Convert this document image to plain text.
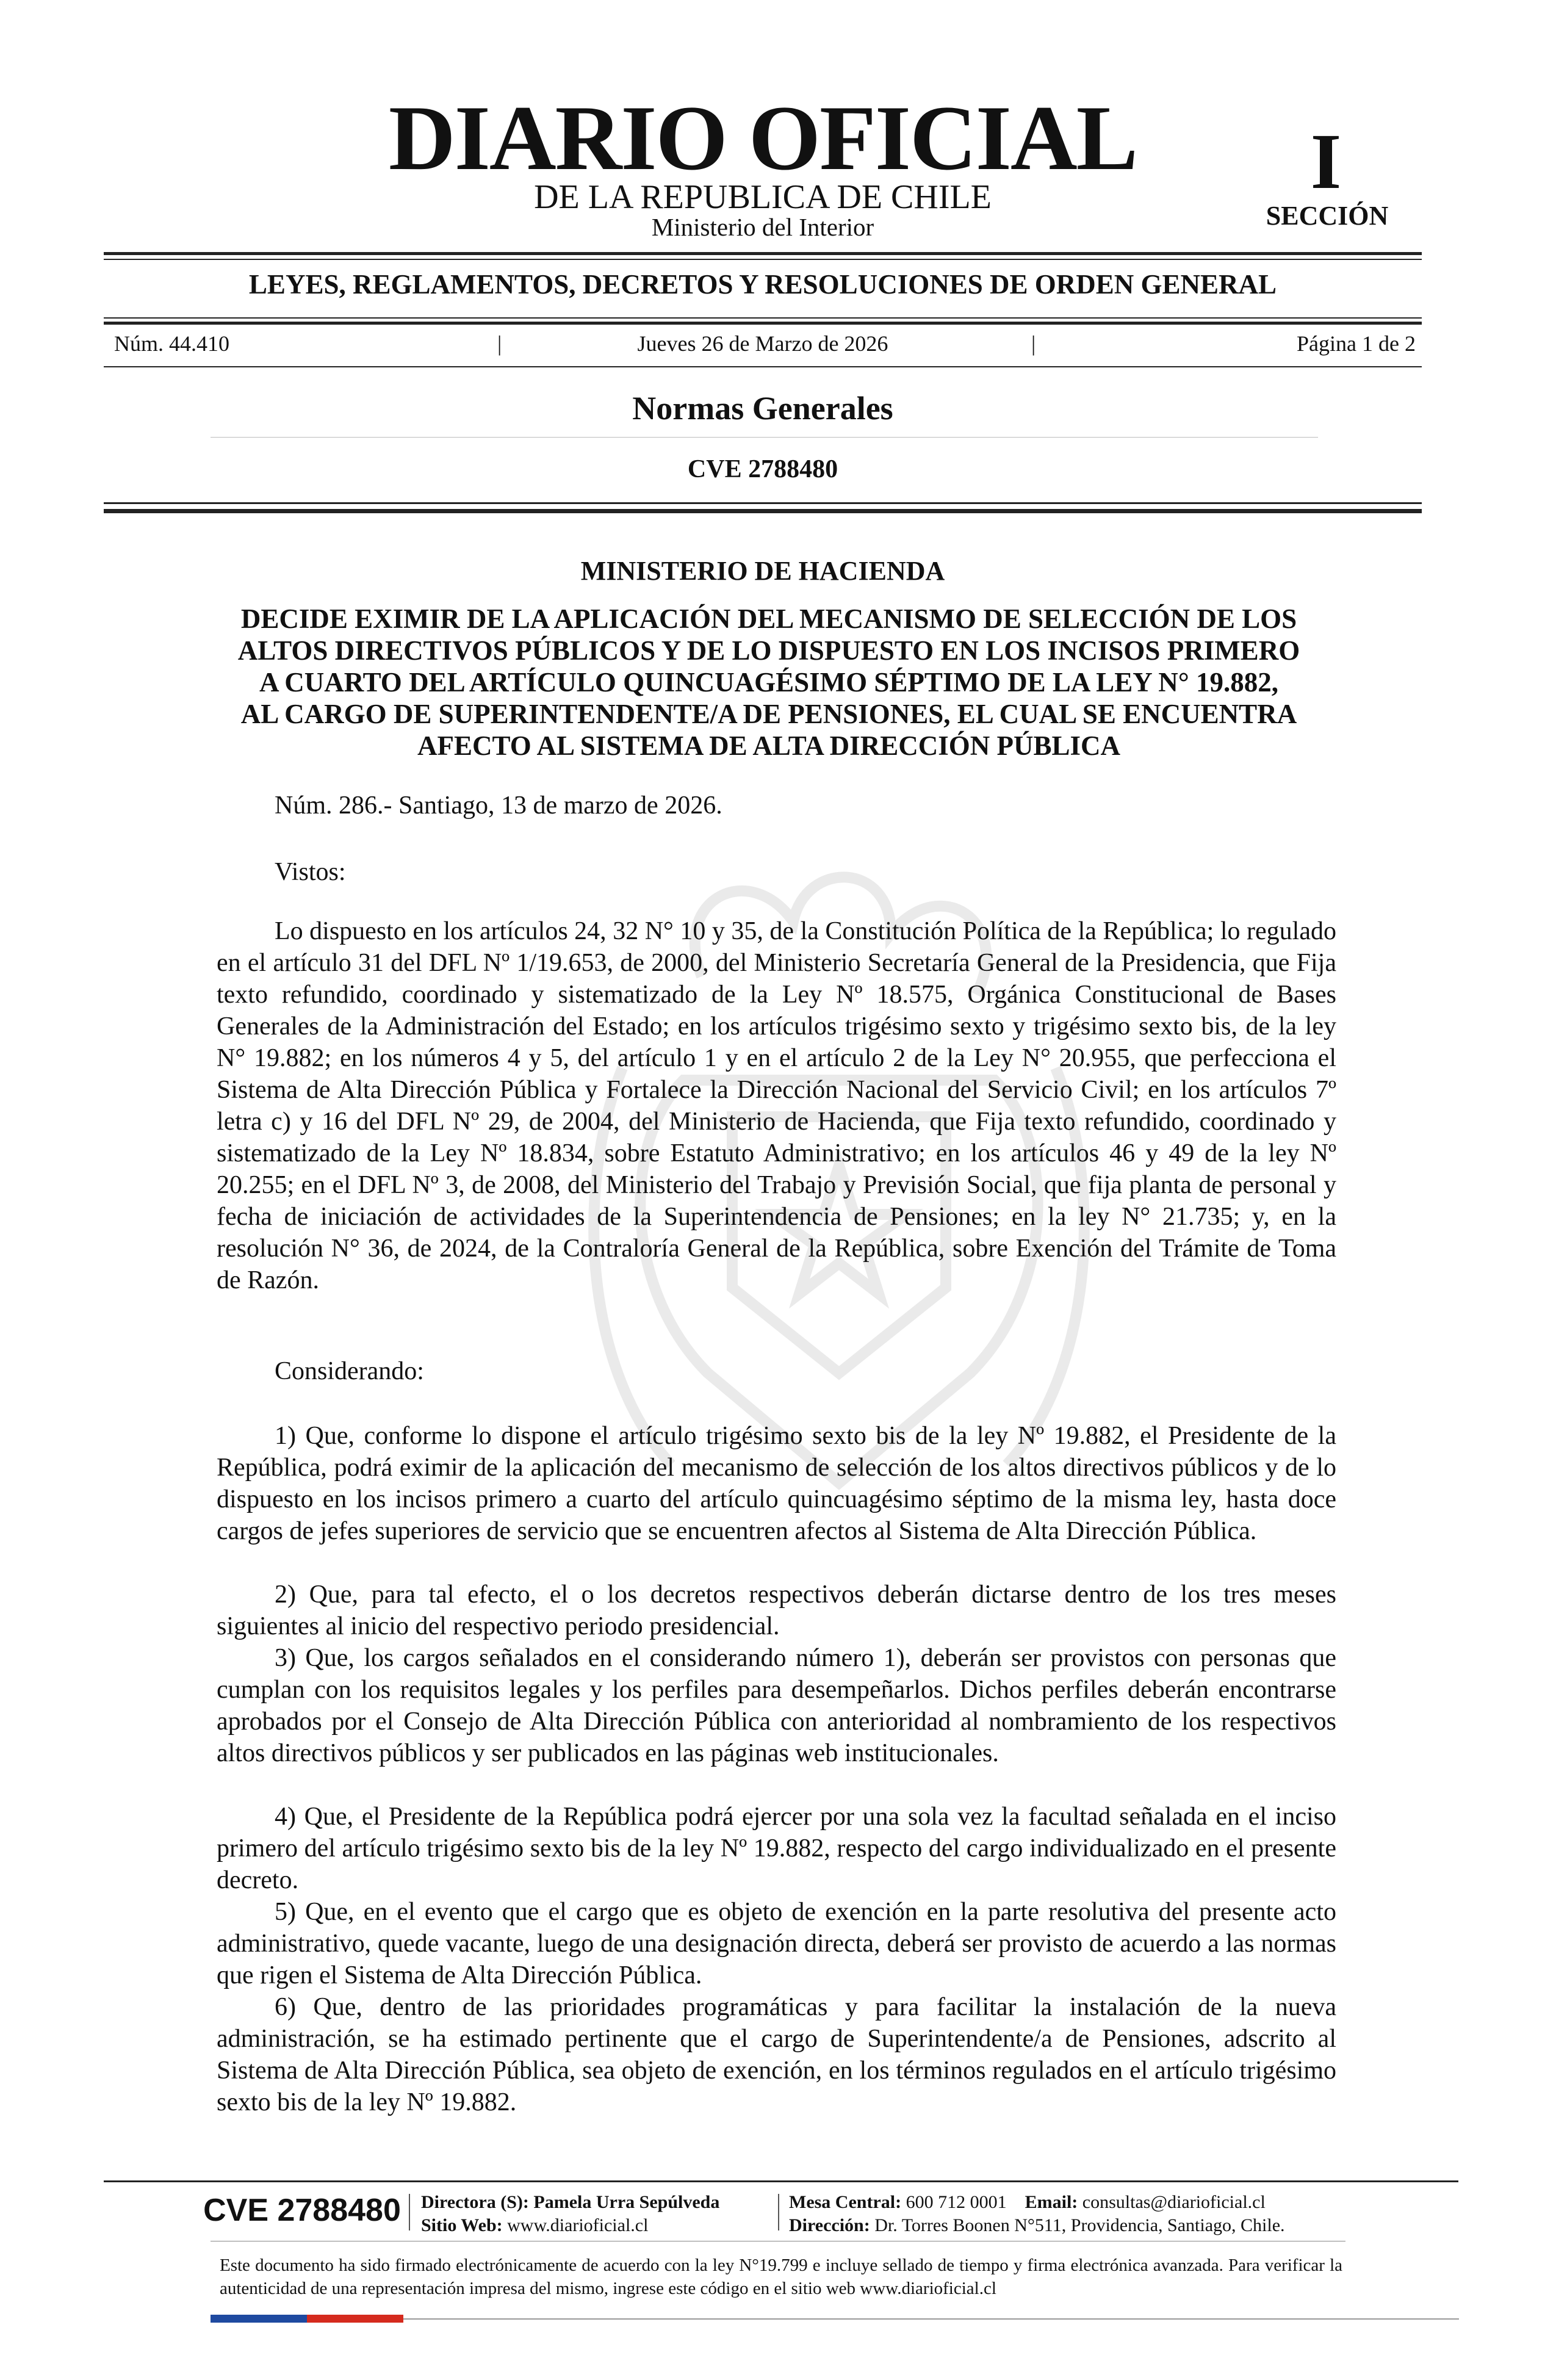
DIARIO OFICIAL
DE LA REPUBLICA DE CHILE
Ministerio del Interior
I
SECCIÓN
LEYES, REGLAMENTOS, DECRETOS Y RESOLUCIONES DE ORDEN GENERAL
Núm. 44.410	|	Jueves 26 de Marzo de 2026	|	Página 1 de 2
Normas Generales
CVE 2788480
MINISTERIO DE HACIENDA
DECIDE EXIMIR DE LA APLICACIÓN DEL MECANISMO DE SELECCIÓN DE LOS
ALTOS DIRECTIVOS PÚBLICOS Y DE LO DISPUESTO EN LOS INCISOS PRIMERO
A CUARTO DEL ARTÍCULO QUINCUAGÉSIMO SÉPTIMO DE LA LEY N° 19.882,
AL CARGO DE SUPERINTENDENTE/A DE PENSIONES, EL CUAL SE ENCUENTRA
AFECTO AL SISTEMA DE ALTA DIRECCIÓN PÚBLICA
Núm. 286.- Santiago, 13 de marzo de 2026.
Vistos:
Lo dispuesto en los artículos 24, 32 N° 10 y 35, de la Constitución Política de la República; lo regulado en el artículo 31 del DFL Nº 1/19.653, de 2000, del Ministerio Secretaría General de la Presidencia, que Fija texto refundido, coordinado y sistematizado de la Ley Nº 18.575, Orgánica Constitucional de Bases Generales de la Administración del Estado; en los artículos trigésimo sexto y trigésimo sexto bis, de la ley N° 19.882; en los números 4 y 5, del artículo 1 y en el artículo 2 de la Ley N° 20.955, que perfecciona el Sistema de Alta Dirección Pública y Fortalece la Dirección Nacional del Servicio Civil; en los artículos 7º letra c) y 16 del DFL Nº 29, de 2004, del Ministerio de Hacienda, que Fija texto refundido, coordinado y sistematizado de la Ley Nº 18.834, sobre Estatuto Administrativo; en los artículos 46 y 49 de la ley Nº 20.255; en el DFL Nº 3, de 2008, del Ministerio del Trabajo y Previsión Social, que fija planta de personal y fecha de iniciación de actividades de la Superintendencia de Pensiones; en la ley N° 21.735; y, en la resolución N° 36, de 2024, de la Contraloría General de la República, sobre Exención del Trámite de Toma de Razón.
Considerando:
1) Que, conforme lo dispone el artículo trigésimo sexto bis de la ley Nº 19.882, el Presidente de la República, podrá eximir de la aplicación del mecanismo de selección de los altos directivos públicos y de lo dispuesto en los incisos primero a cuarto del artículo quincuagésimo séptimo de la misma ley, hasta doce cargos de jefes superiores de servicio que se encuentren afectos al Sistema de Alta Dirección Pública.
2) Que, para tal efecto, el o los decretos respectivos deberán dictarse dentro de los tres meses siguientes al inicio del respectivo periodo presidencial.
3) Que, los cargos señalados en el considerando número 1), deberán ser provistos con personas que cumplan con los requisitos legales y los perfiles para desempeñarlos. Dichos perfiles deberán encontrarse aprobados por el Consejo de Alta Dirección Pública con anterioridad al nombramiento de los respectivos altos directivos públicos y ser publicados en las páginas web institucionales.
4) Que, el Presidente de la República podrá ejercer por una sola vez la facultad señalada en el inciso primero del artículo trigésimo sexto bis de la ley Nº 19.882, respecto del cargo individualizado en el presente decreto.
5) Que, en el evento que el cargo que es objeto de exención en la parte resolutiva del presente acto administrativo, quede vacante, luego de una designación directa, deberá ser provisto de acuerdo a las normas que rigen el Sistema de Alta Dirección Pública.
6) Que, dentro de las prioridades programáticas y para facilitar la instalación de la nueva administración, se ha estimado pertinente que el cargo de Superintendente/a de Pensiones, adscrito al Sistema de Alta Dirección Pública, sea objeto de exención, en los términos regulados en el artículo trigésimo sexto bis de la ley Nº 19.882.
CVE 2788480 Directora (S): Pamela Urra Sepúlveda
Sitio Web: www.diarioficial.cl
Mesa Central: 600 712 0001 Email: consultas@diarioficial.cl
Dirección: Dr. Torres Boonen N°511, Providencia, Santiago, Chile.
Este documento ha sido firmado electrónicamente de acuerdo con la ley N°19.799 e incluye sellado de tiempo y firma electrónica avanzada. Para verificar la autenticidad de una representación impresa del mismo, ingrese este código en el sitio web www.diarioficial.cl
